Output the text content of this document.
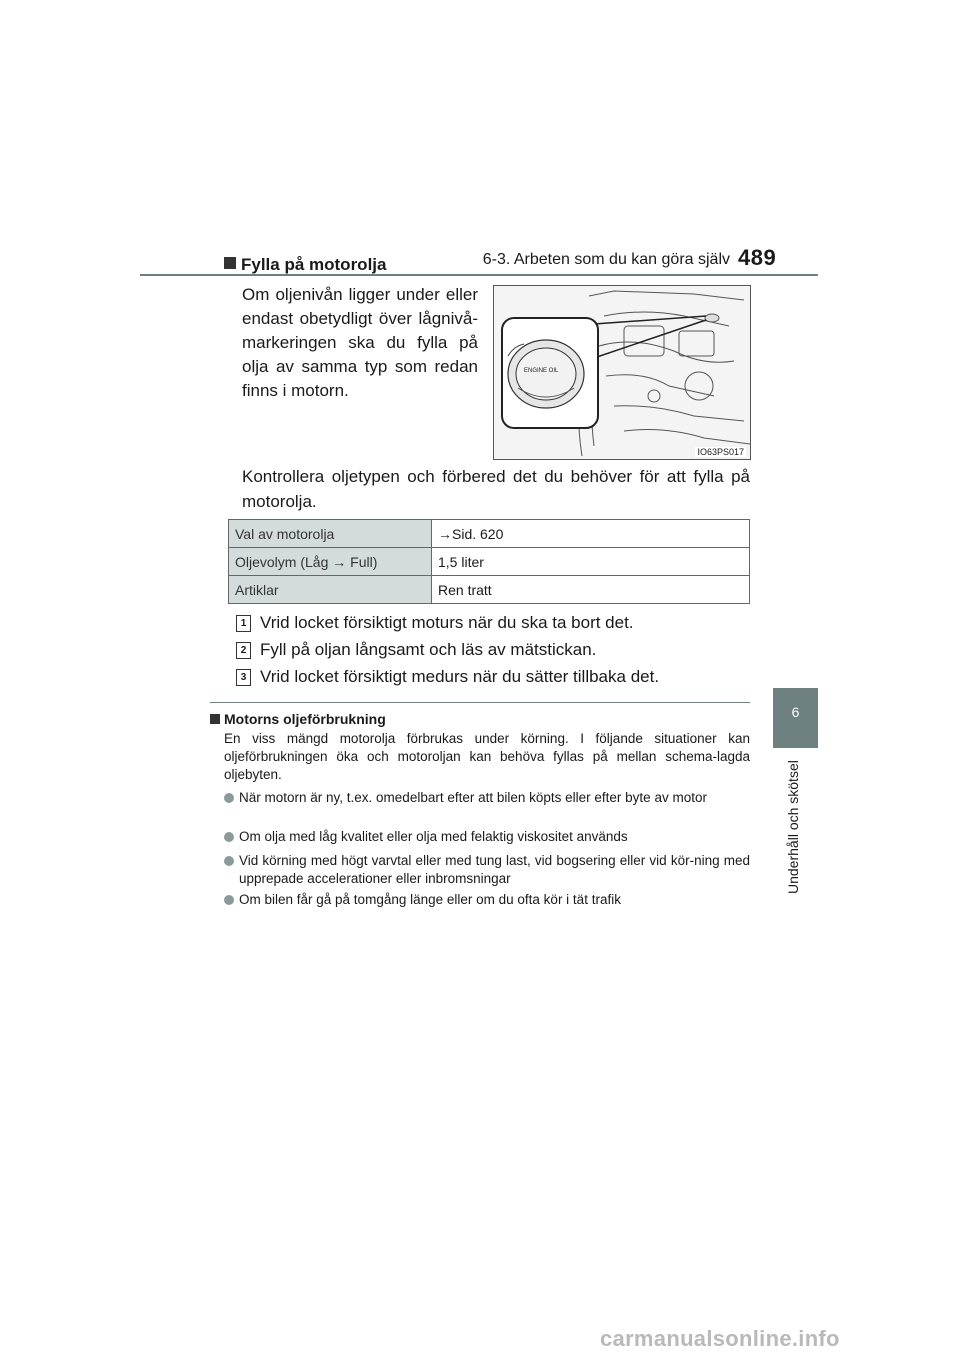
6-3. Arbeten som du kan göra själv 489
6
Underhåll och skötsel
Fylla på motorolja
Om oljenivån ligger under eller endast obetydligt över lågnivå-markeringen ska du fylla på olja av samma typ som redan finns i motorn.
ENGINE OIL
IO63PS017
Kontrollera oljetypen och förbered det du behöver för att fylla på motorolja.
Val av motorolja	→Sid. 620
Oljevolym (Låg → Full)	1,5 liter
Artiklar	Ren tratt
1 Vrid locket försiktigt moturs när du ska ta bort det.
2 Fyll på oljan långsamt och läs av mätstickan.
3 Vrid locket försiktigt medurs när du sätter tillbaka det.
Motorns oljeförbrukning
En viss mängd motorolja förbrukas under körning. I följande situationer kan oljeförbrukningen öka och motoroljan kan behöva fyllas på mellan schema-lagda oljebyten.
När motorn är ny, t.ex. omedelbart efter att bilen köpts eller efter byte av motor
Om olja med låg kvalitet eller olja med felaktig viskositet används
Vid körning med högt varvtal eller med tung last, vid bogsering eller vid kör-ning med upprepade accelerationer eller inbromsningar
Om bilen får gå på tomgång länge eller om du ofta kör i tät trafik
carmanualsonline.info
